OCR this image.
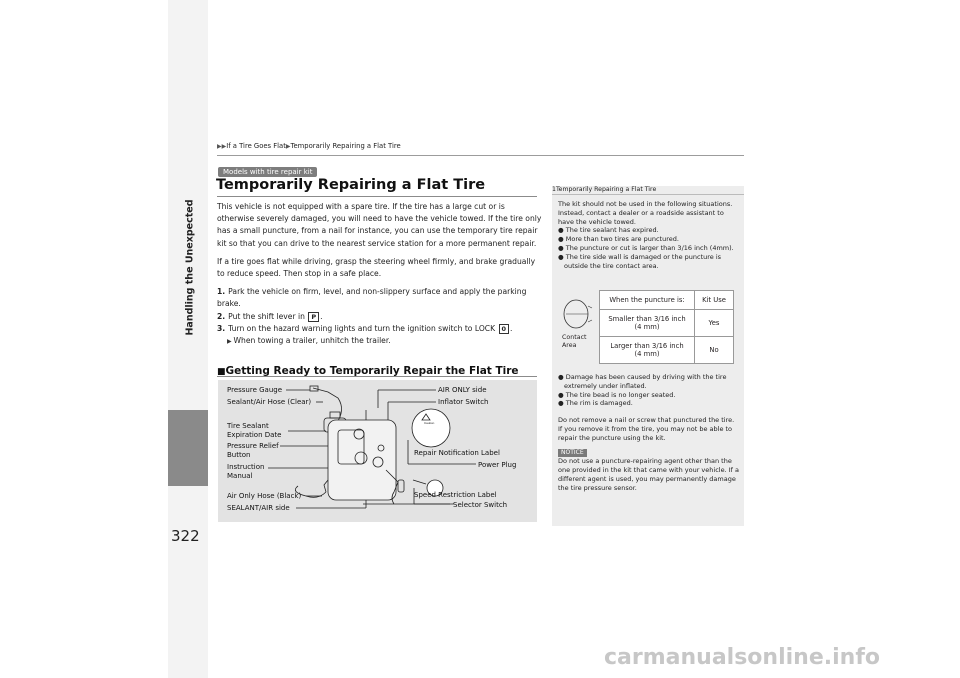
Handling the Unexpected
322
▶▶If a Tire Goes Flat▶Temporarily Repairing a Flat Tire
Models with tire repair kit
Temporarily Repairing a Flat Tire

This vehicle is not equipped with a spare tire. If the tire has a large cut or is otherwise severely damaged, you will need to have the vehicle towed. If the tire only has a small puncture, from a nail for instance, you can use the temporary tire repair kit so that you can drive to the nearest service station for a more permanent repair.

If a tire goes flat while driving, grasp the steering wheel firmly, and brake gradually to reduce speed. Then stop in a safe place.

1. Park the vehicle on firm, level, and non-slippery surface and apply the parking brake.

2. Put the shift lever in P .

3. Turn on the hazard warning lights and turn the ignition switch to LOCK 0 .

▶ When towing a trailer, unhitch the trailer.

■Getting Ready to Temporarily Repair the Flat Tire
Caution
Pressure Gauge
Sealant/Air Hose (Clear)
Tire Sealant
Expiration Date
Pressure Relief
Button
Instruction
Manual
Air Only Hose (Black)
SEALANT/AIR side
AIR ONLY side
Inflator Switch
Repair Notification Label
Power Plug
Speed Restriction Label
Selector Switch
1Temporarily Repairing a Flat Tire

The kit should not be used in the following situations. Instead, contact a dealer or a roadside assistant to have the vehicle towed.

● The tire sealant has expired.

● More than two tires are punctured.

● The puncture or cut is larger than 3/16 inch (4mm).

● The tire side wall is damaged or the puncture is outside the tire contact area.

Contact
Area
When the puncture is:	Kit Use
Smaller than 3/16 inch
(4 mm)	Yes
Larger than 3/16 inch
(4 mm)	No

● Damage has been caused by driving with the tire extremely under inflated.

● The tire bead is no longer seated.

● The rim is damaged.

Do not remove a nail or screw that punctured the tire. If you remove it from the tire, you may not be able to repair the puncture using the kit.

NOTICE

Do not use a puncture-repairing agent other than the one provided in the kit that came with your vehicle. If a different agent is used, you may permanently damage the tire pressure sensor.

carmanualsonline.info
